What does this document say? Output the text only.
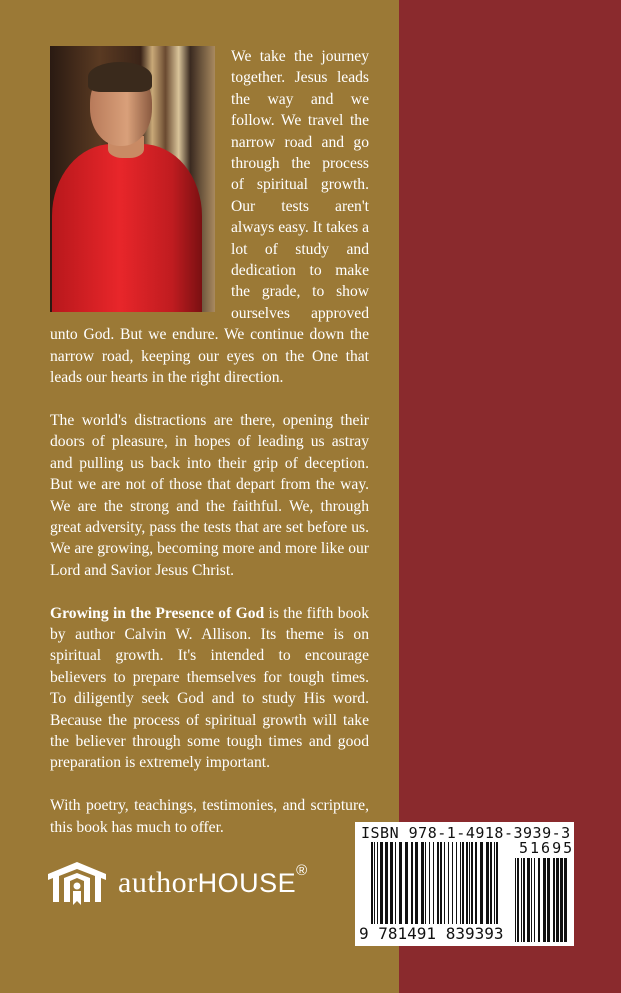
We take the journey together. Jesus leads the way and we follow. We travel the narrow road and go through the process of spiritual growth. Our tests aren't always easy. It takes a lot of study and dedication to make the grade, to show ourselves approved unto God. But we endure. We continue down the narrow road, keeping our eyes on the One that leads our hearts in the right direction.

The world's distractions are there, opening their doors of pleasure, in hopes of leading us astray and pulling us back into their grip of deception. But we are not of those that depart from the way. We are the strong and the faithful. We, through great adversity, pass the tests that are set before us. We are growing, becoming more and more like our Lord and Savior Jesus Christ.

Growing in the Presence of God is the fifth book by author Calvin W. Allison. Its theme is on spiritual growth. It's intended to encourage believers to prepare themselves for tough times. To diligently seek God and to study His word. Because the process of spiritual growth will take the believer through some tough times and good preparation is extremely important.

With poetry, teachings, testimonies, and scripture, this book has much to offer.

authorHOUSE®
ISBN 978-1-4918-3939-3
51695
9 781491 839393
